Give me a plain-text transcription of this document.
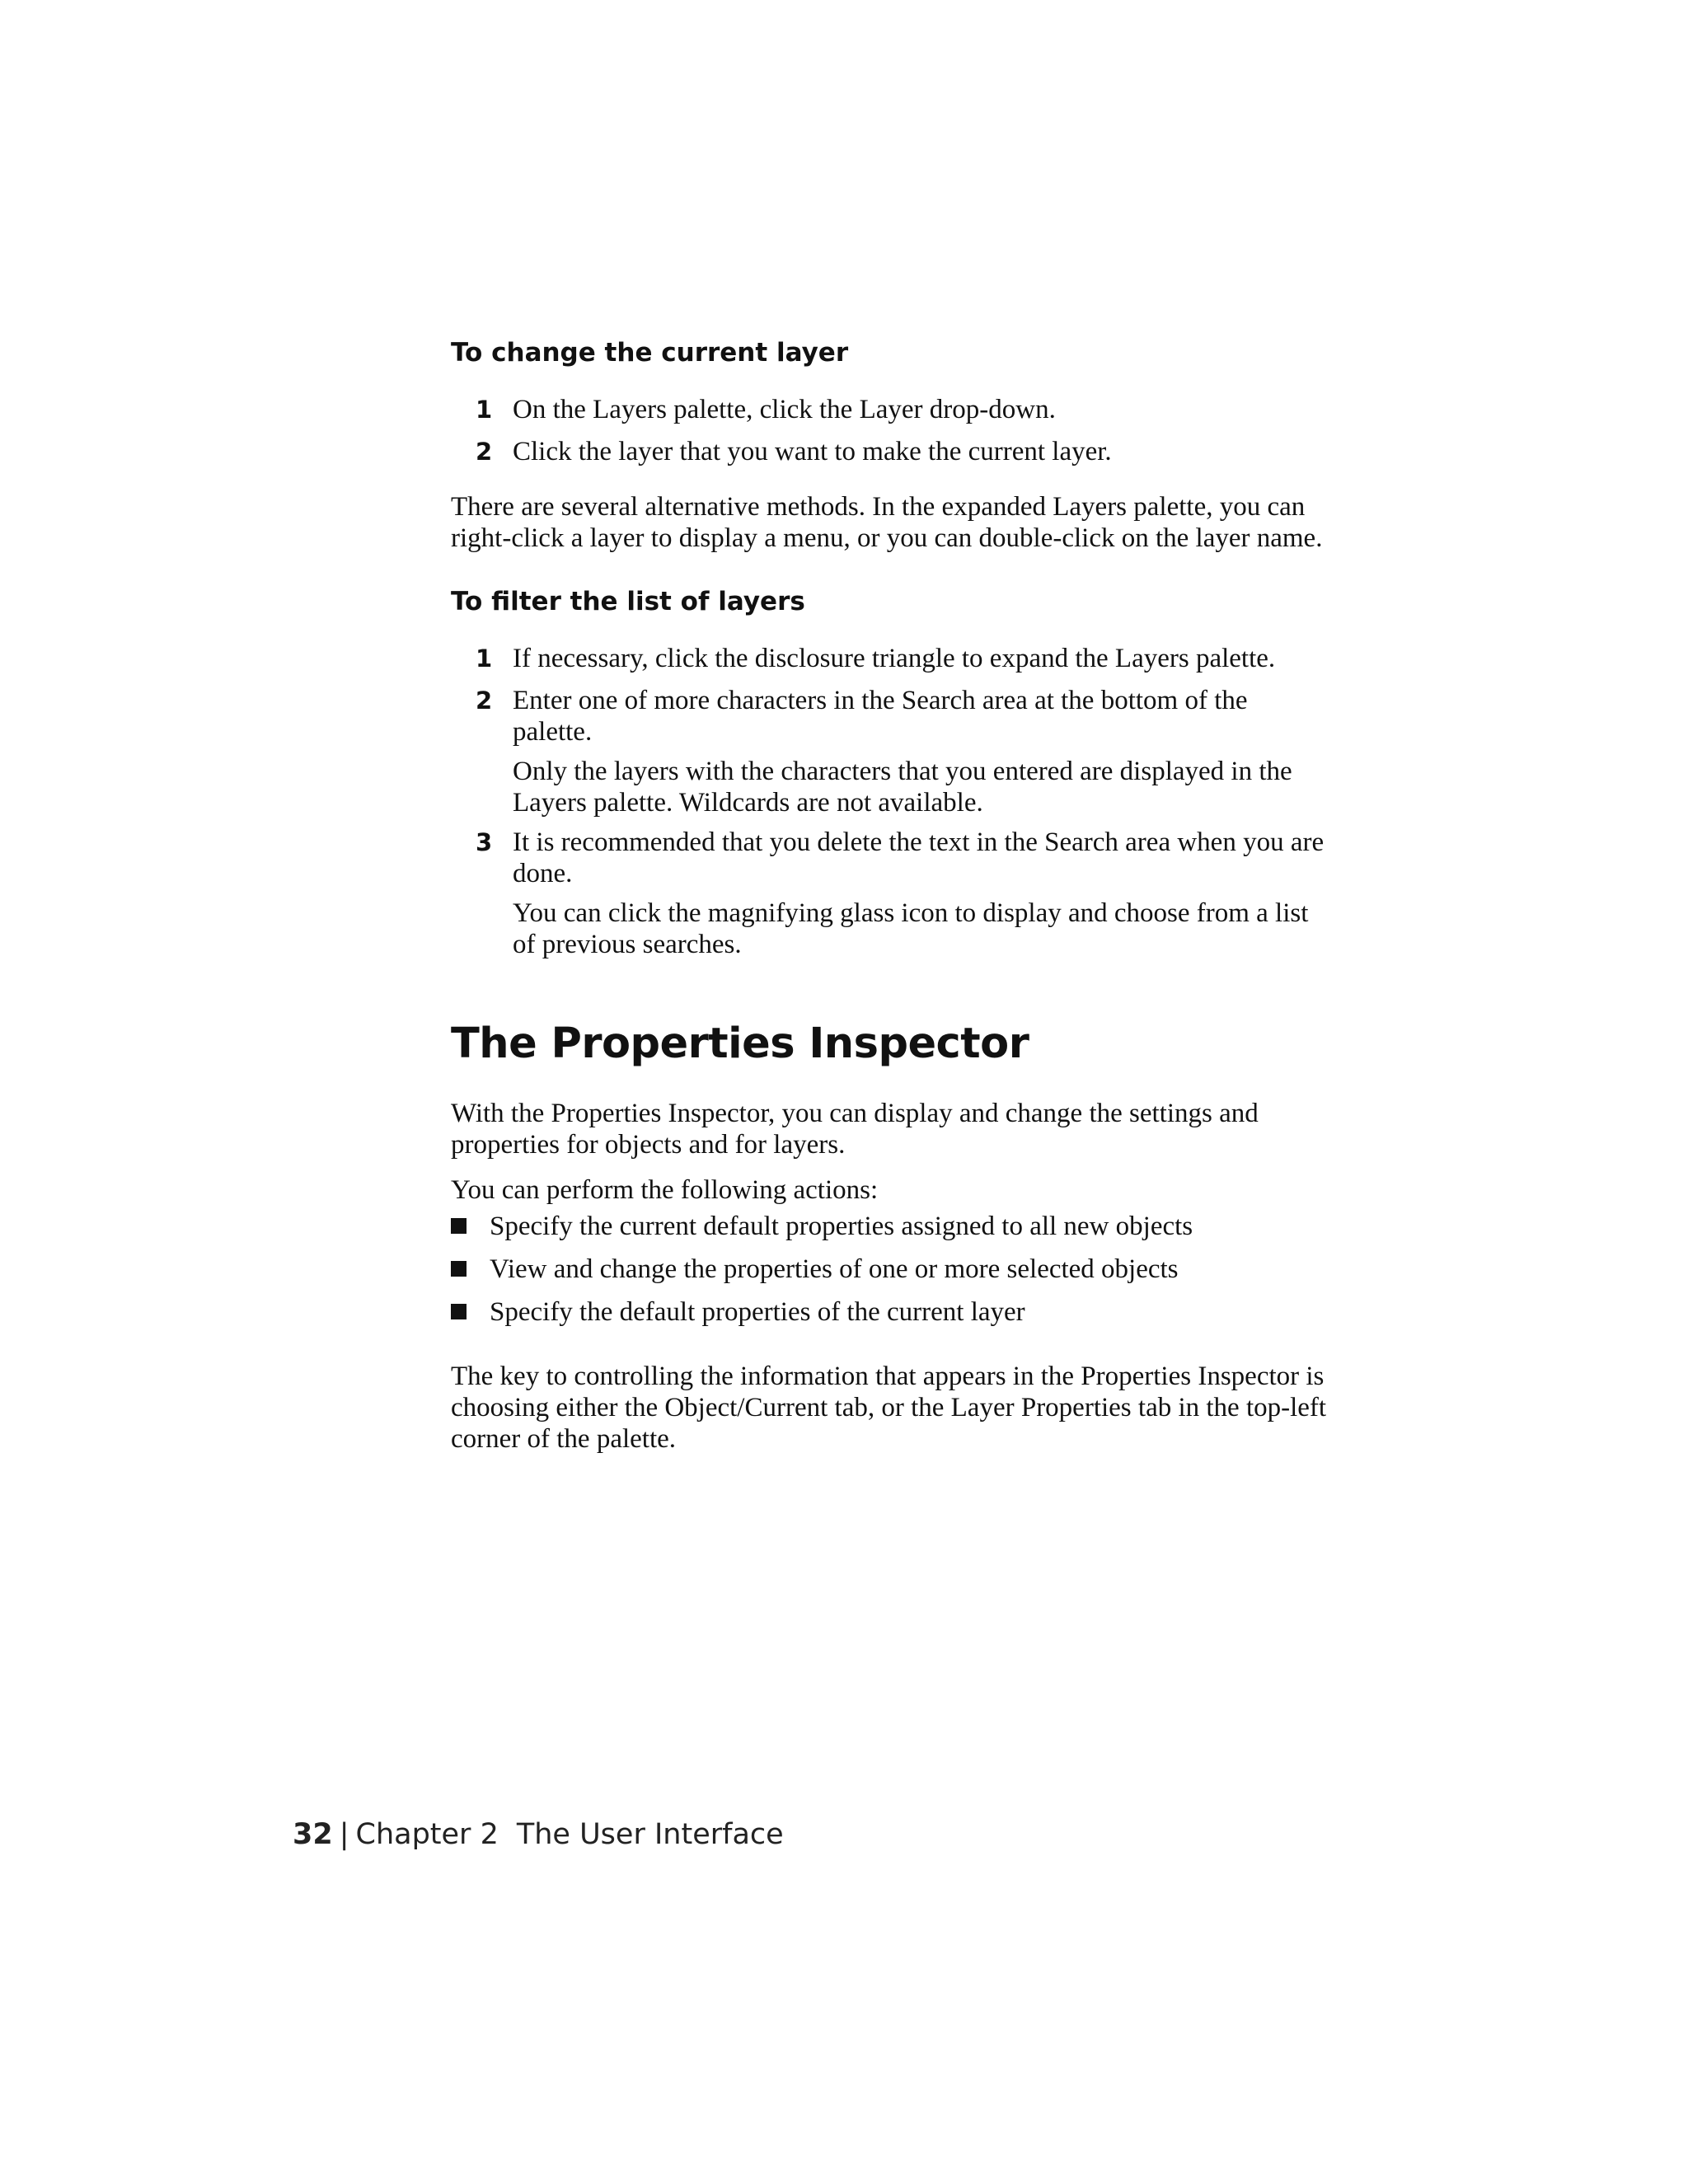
To change the current layer
1 On the Layers palette, click the Layer drop-down.
2 Click the layer that you want to make the current layer.

There are several alternative methods. In the expanded Layers palette, you can right-click a layer to display a menu, or you can double-click on the layer name.

To filter the list of layers
1 If necessary, click the disclosure triangle to expand the Layers palette.
2 Enter one of more characters in the Search area at the bottom of the palette.
Only the layers with the characters that you entered are displayed in the Layers palette. Wildcards are not available.
3 It is recommended that you delete the text in the Search area when you are done.
You can click the magnifying glass icon to display and choose from a list of previous searches.
The Properties Inspector

With the Properties Inspector, you can display and change the settings and properties for objects and for layers.

You can perform the following actions:

Specify the current default properties assigned to all new objects
View and change the properties of one or more selected objects
Specify the default properties of the current layer

The key to controlling the information that appears in the Properties Inspector is choosing either the Object/Current tab, or the Layer Properties tab in the top-left corner of the palette.

32 | Chapter 2 The User Interface
